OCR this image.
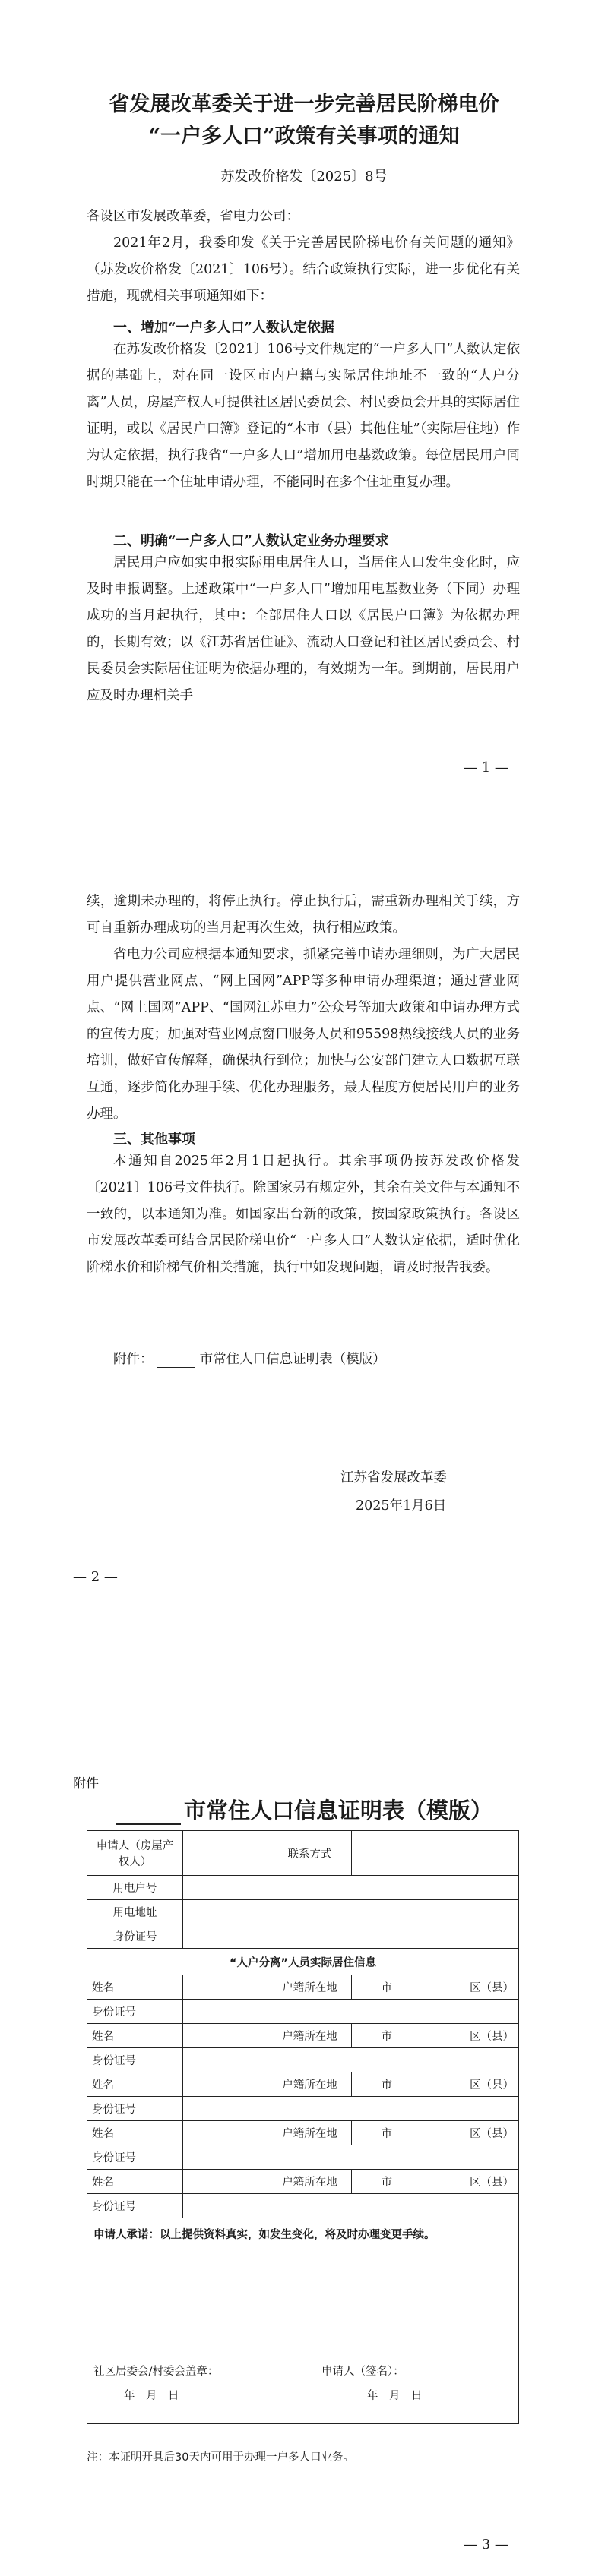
省发展改革委关于进一步完善居民阶梯电价
“一户多人口”政策有关事项的通知
苏发改价格发〔2025〕8号

各设区市发展改革委，省电力公司：

2021年2月，我委印发《关于完善居民阶梯电价有关问题的通知》（苏发改价格发〔2021〕106号）。结合政策执行实际，进一步优化有关措施，现就相关事项通知如下：

一、增加“一户多人口”人数认定依据

在苏发改价格发〔2021〕106号文件规定的“一户多人口”人数认定依据的基础上，对在同一设区市内户籍与实际居住地址不一致的“人户分离”人员，房屋产权人可提供社区居民委员会、村民委员会开具的实际居住证明，或以《居民户口簿》登记的“本市（县）其他住址”（实际居住地）作为认定依据，执行我省“一户多人口”增加用电基数政策。每位居民用户同时期只能在一个住址申请办理，不能同时在多个住址重复办理。

二、明确“一户多人口”人数认定业务办理要求

居民用户应如实申报实际用电居住人口，当居住人口发生变化时，应及时申报调整。上述政策中“一户多人口”增加用电基数业务（下同）办理成功的当月起执行，其中：全部居住人口以《居民户口簿》为依据办理的，长期有效；以《江苏省居住证》、流动人口登记和社区居民委员会、村民委员会实际居住证明为依据办理的，有效期为一年。到期前，居民用户应及时办理相关手

— 1 —

续，逾期未办理的，将停止执行。停止执行后，需重新办理相关手续，方可自重新办理成功的当月起再次生效，执行相应政策。

省电力公司应根据本通知要求，抓紧完善申请办理细则，为广大居民用户提供营业网点、“网上国网”APP等多种申请办理渠道；通过营业网点、“网上国网”APP、“国网江苏电力”公众号等加大政策和申请办理方式的宣传力度；加强对营业网点窗口服务人员和95598热线接线人员的业务培训，做好宣传解释，确保执行到位；加快与公安部门建立人口数据互联互通，逐步简化办理手续、优化办理服务，最大程度方便居民用户的业务办理。

三、其他事项

本通知自2025年2月1日起执行。其余事项仍按苏发改价格发〔2021〕106号文件执行。除国家另有规定外，其余有关文件与本通知不一致的，以本通知为准。如国家出台新的政策，按国家政策执行。各设区市发展改革委可结合居民阶梯电价“一户多人口”人数认定依据，适时优化阶梯水价和阶梯气价相关措施，执行中如发现问题，请及时报告我委。

附件：	市常住人口信息证明表（模版）
江苏省发展改革委
2025年1月6日
— 2 —
附件
市常住人口信息证明表（模版）
申请人（房屋产权人）		联系方式		
用电户号				
用电地址				
身份证号				
“人户分离”人员实际居住信息				
姓名		户籍所在地	市	区（县）
身份证号				
姓名		户籍所在地	市	区（县）
身份证号				
姓名		户籍所在地	市	区（县）
身份证号				
姓名		户籍所在地	市	区（县）
身份证号				
姓名		户籍所在地	市	区（县）
身份证号				

申请人承诺：以上提供资料真实，如发生变化，将及时办理变更手续。
社区居委会/村委会盖章： 申请人（签名）：
年　月　日 年　月　日				
注：本证明开具后30天内可用于办理一户多人口业务。
— 3 —
